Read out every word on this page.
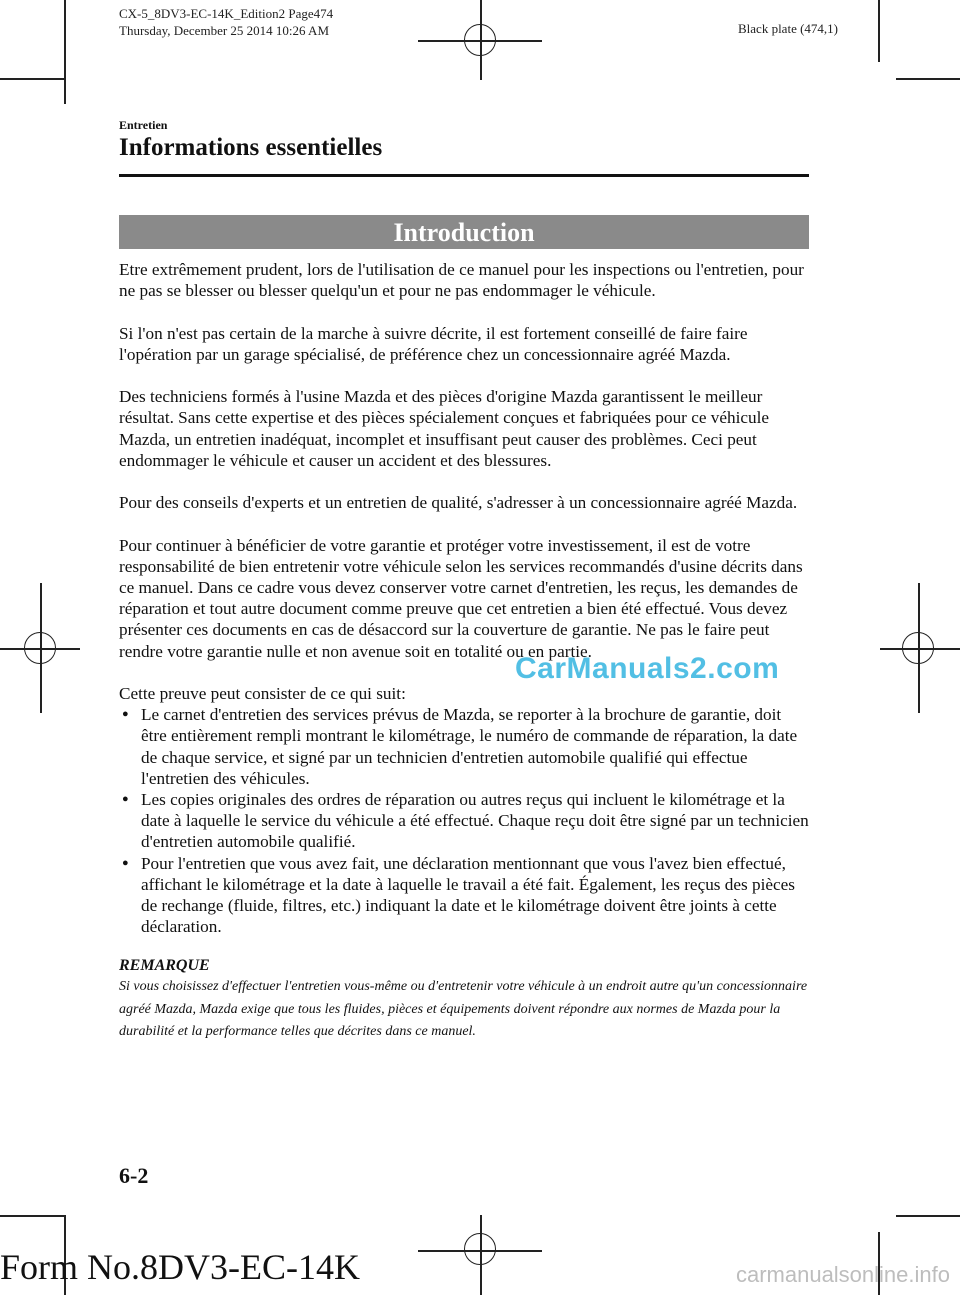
CX-5_8DV3-EC-14K_Edition2 Page474
Thursday, December 25 2014 10:26 AM	Black plate (474,1)
Entretien
Informations essentielles
Introduction

Etre extrêmement prudent, lors de l'utilisation de ce manuel pour les inspections ou l'entretien, pour ne pas se blesser ou blesser quelqu'un et pour ne pas endommager le véhicule.

Si l'on n'est pas certain de la marche à suivre décrite, il est fortement conseillé de faire faire l'opération par un garage spécialisé, de préférence chez un concessionnaire agréé Mazda.

Des techniciens formés à l'usine Mazda et des pièces d'origine Mazda garantissent le meilleur résultat. Sans cette expertise et des pièces spécialement conçues et fabriquées pour ce véhicule Mazda, un entretien inadéquat, incomplet et insuffisant peut causer des problèmes. Ceci peut endommager le véhicule et causer un accident et des blessures.

Pour des conseils d'experts et un entretien de qualité, s'adresser à un concessionnaire agréé Mazda.

Pour continuer à bénéficier de votre garantie et protéger votre investissement, il est de votre responsabilité de bien entretenir votre véhicule selon les services recommandés d'usine décrits dans ce manuel. Dans ce cadre vous devez conserver votre carnet d'entretien, les reçus, les demandes de réparation et tout autre document comme preuve que cet entretien a bien été effectué. Vous devez présenter ces documents en cas de désaccord sur la couverture de garantie. Ne pas le faire peut rendre votre garantie nulle et non avenue soit en totalité ou en partie.

Cette preuve peut consister de ce qui suit:

● Le carnet d'entretien des services prévus de Mazda, se reporter à la brochure de garantie, doit être entièrement rempli montrant le kilométrage, le numéro de commande de réparation, la date de chaque service, et signé par un technicien d'entretien automobile qualifié qui effectue l'entretien des véhicules.
● Les copies originales des ordres de réparation ou autres reçus qui incluent le kilométrage et la date à laquelle le service du véhicule a été effectué. Chaque reçu doit être signé par un technicien d'entretien automobile qualifié.
● Pour l'entretien que vous avez fait, une déclaration mentionnant que vous l'avez bien effectué, affichant le kilométrage et la date à laquelle le travail a été fait. Également, les reçus des pièces de rechange (fluide, filtres, etc.) indiquant la date et le kilométrage doivent être joints à cette déclaration.
REMARQUE
Si vous choisissez d'effectuer l'entretien vous-même ou d'entretenir votre véhicule à un endroit autre qu'un concessionnaire agréé Mazda, Mazda exige que tous les fluides, pièces et équipements doivent répondre aux normes de Mazda pour la durabilité et la performance telles que décrites dans ce manuel.
CarManuals2.com
6-2
Form No.8DV3-EC-14K	carmanualsonline.info
